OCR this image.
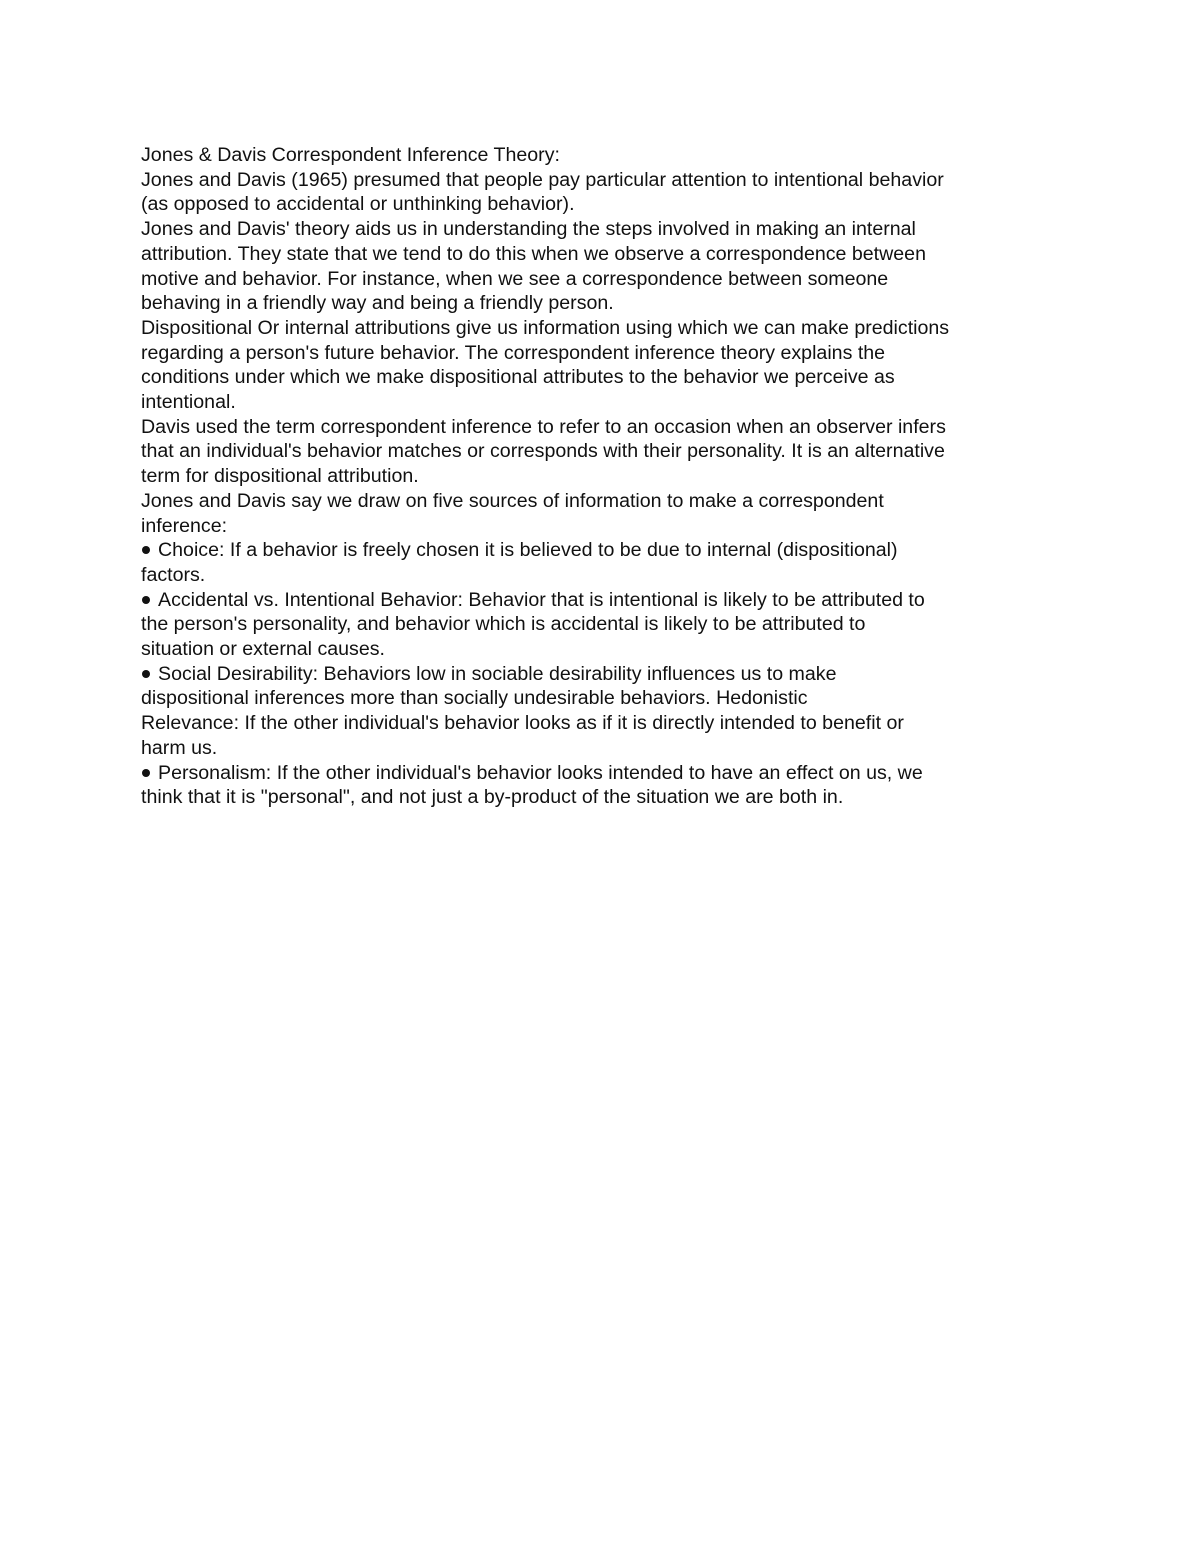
Jones & Davis Correspondent Inference Theory:
Jones and Davis (1965) presumed that people pay particular attention to intentional behavior
(as opposed to accidental or unthinking behavior).
Jones and Davis' theory aids us in understanding the steps involved in making an internal
attribution. They state that we tend to do this when we observe a correspondence between
motive and behavior. For instance, when we see a correspondence between someone
behaving in a friendly way and being a friendly person.
Dispositional Or internal attributions give us information using which we can make predictions
regarding a person's future behavior. The correspondent inference theory explains the
conditions under which we make dispositional attributes to the behavior we perceive as
intentional.
Davis used the term correspondent inference to refer to an occasion when an observer infers
that an individual's behavior matches or corresponds with their personality. It is an alternative
term for dispositional attribution.
Jones and Davis say we draw on five sources of information to make a correspondent
inference:
Choice: If a behavior is freely chosen it is believed to be due to internal (dispositional)
factors.
Accidental vs. Intentional Behavior: Behavior that is intentional is likely to be attributed to
the person's personality, and behavior which is accidental is likely to be attributed to
situation or external causes.
Social Desirability: Behaviors low in sociable desirability influences us to make
dispositional inferences more than socially undesirable behaviors. Hedonistic
Relevance: If the other individual's behavior looks as if it is directly intended to benefit or
harm us.
Personalism: If the other individual's behavior looks intended to have an effect on us, we
think that it is "personal", and not just a by-product of the situation we are both in.
